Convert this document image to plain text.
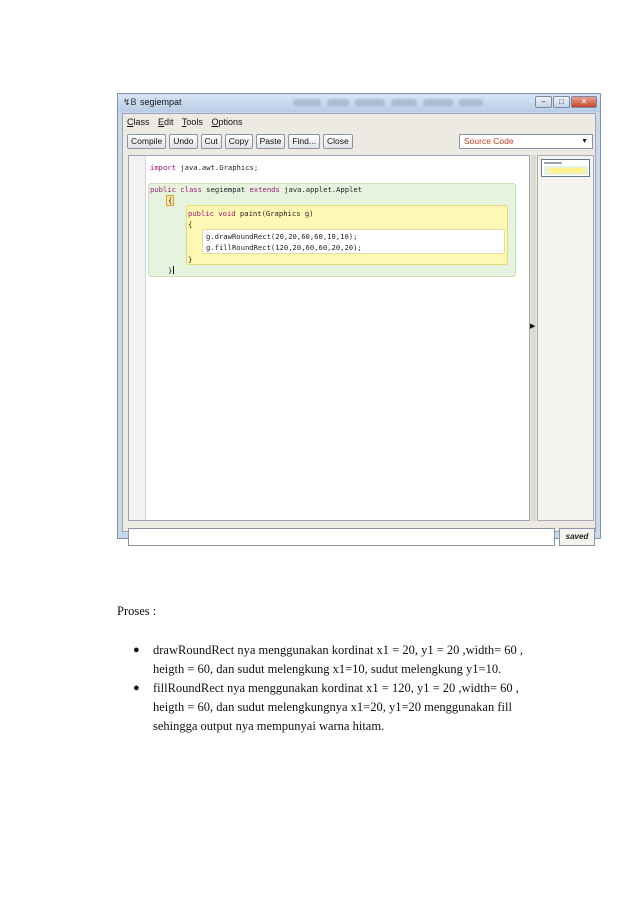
↯B segiempat	–	□	✕
Class Edit Tools Options
Compile	Undo	Cut	Copy	Paste	Find...	Close	Source Code	▼
import java.awt.Graphics;
public class segiempat extends java.applet.Applet
{
public void paint(Graphics g)
{
g.drawRoundRect(20,20,60,60,10,10);
g.fillRoundRect(120,20,60,60,20,20);
}
}
▶
saved
Proses :
● drawRoundRect nya menggunakan kordinat x1 = 20, y1 = 20 ,width= 60 ,

heigth = 60, dan sudut melengkung x1=10, sudut melengkung y1=10.

● fillRoundRect nya menggunakan kordinat x1 = 120, y1 = 20 ,width= 60 ,

heigth = 60, dan sudut melengkungnya x1=20, y1=20 menggunakan fill

sehingga output nya mempunyai warna hitam.
